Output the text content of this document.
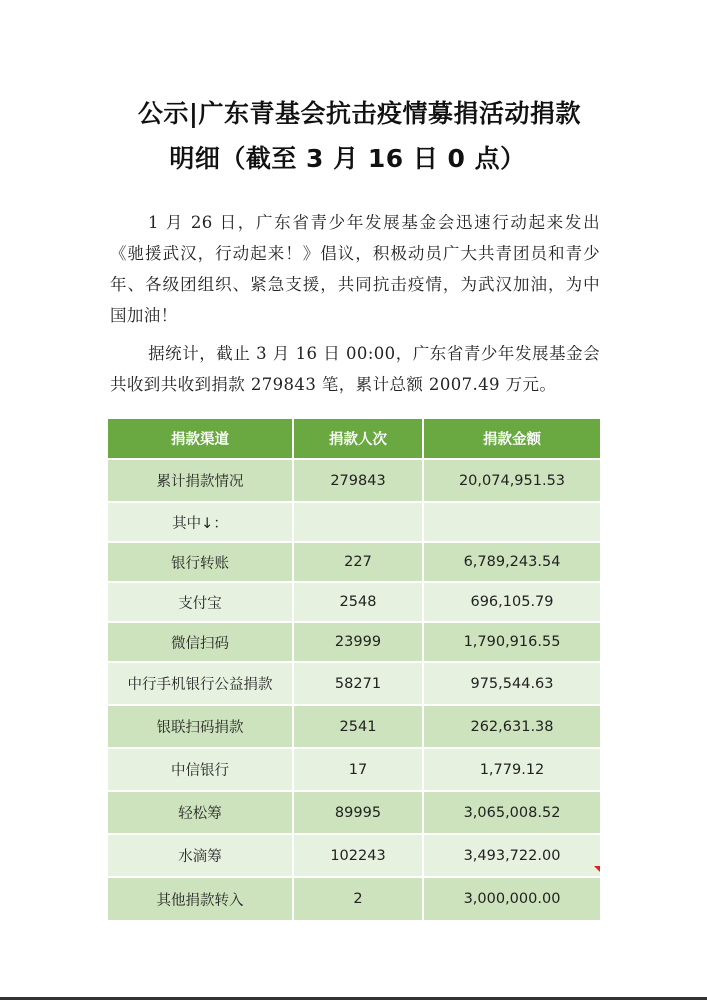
公示|广东青基会抗击疫情募捐活动捐款
明细（截至 3 月 16 日 0 点）

1 月 26 日，广东省青少年发展基金会迅速行动起来发出《驰援武汉，行动起来！》倡议，积极动员广大共青团员和青少年、各级团组织、紧急支援，共同抗击疫情，为武汉加油，为中国加油！

据统计，截止 3 月 16 日 00:00，广东省青少年发展基金会共收到共收到捐款 279843 笔，累计总额 2007.49 万元。

捐款渠道	捐款人次	捐款金额
累计捐款情况	279843	20,074,951.53
其中↓：		
银行转账	227	6,789,243.54
支付宝	2548	696,105.79
微信扫码	23999	1,790,916.55
中行手机银行公益捐款	58271	975,544.63
银联扫码捐款	2541	262,631.38
中信银行	17	1,779.12
轻松筹	89995	3,065,008.52
水滴筹	102243	3,493,722.00
其他捐款转入	2	3,000,000.00
